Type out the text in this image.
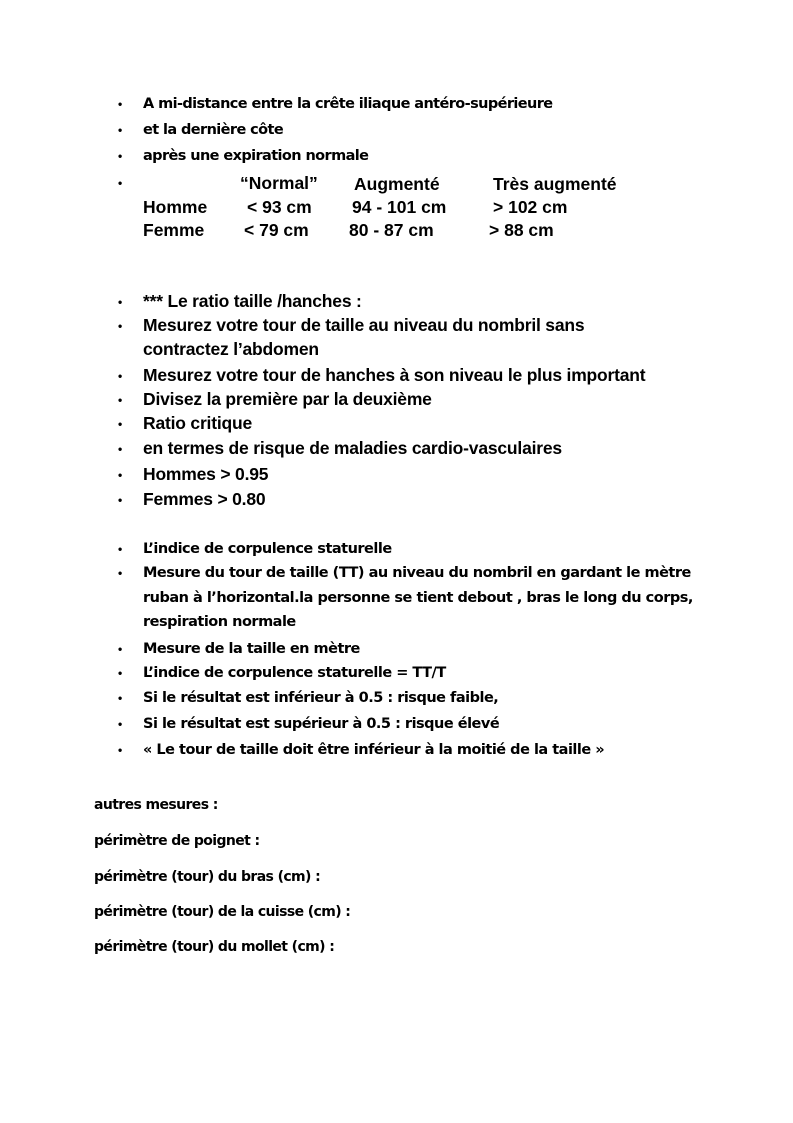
• A mi-distance entre la crête iliaque antéro-supérieure
• et la dernière côte
• après une expiration normale
•	“Normal” Augmenté	Très augmenté
Homme < 93 cm 94 - 101 cm	> 102 cm
Femme < 79 cm 80 - 87 cm	> 88 cm
• *** Le ratio taille /hanches :
• Mesurez votre tour de taille au niveau du nombril sans
contractez l’abdomen
• Mesurez votre tour de hanches à son niveau le plus important
• Divisez la première par la deuxième
• Ratio critique
• en termes de risque de maladies cardio-vasculaires
• Hommes > 0.95
• Femmes > 0.80
• L’indice de corpulence staturelle
• Mesure du tour de taille (TT) au niveau du nombril en gardant le mètre
ruban à l’horizontal.la personne se tient debout , bras le long du corps,
respiration normale
• Mesure de la taille en mètre
• L’indice de corpulence staturelle = TT/T
• Si le résultat est inférieur à 0.5 : risque faible,
• Si le résultat est supérieur à 0.5 : risque élevé
• « Le tour de taille doit être inférieur à la moitié de la taille »
autres mesures :
périmètre de poignet :
périmètre (tour) du bras (cm) :
périmètre (tour) de la cuisse (cm) :
périmètre (tour) du mollet (cm) :
